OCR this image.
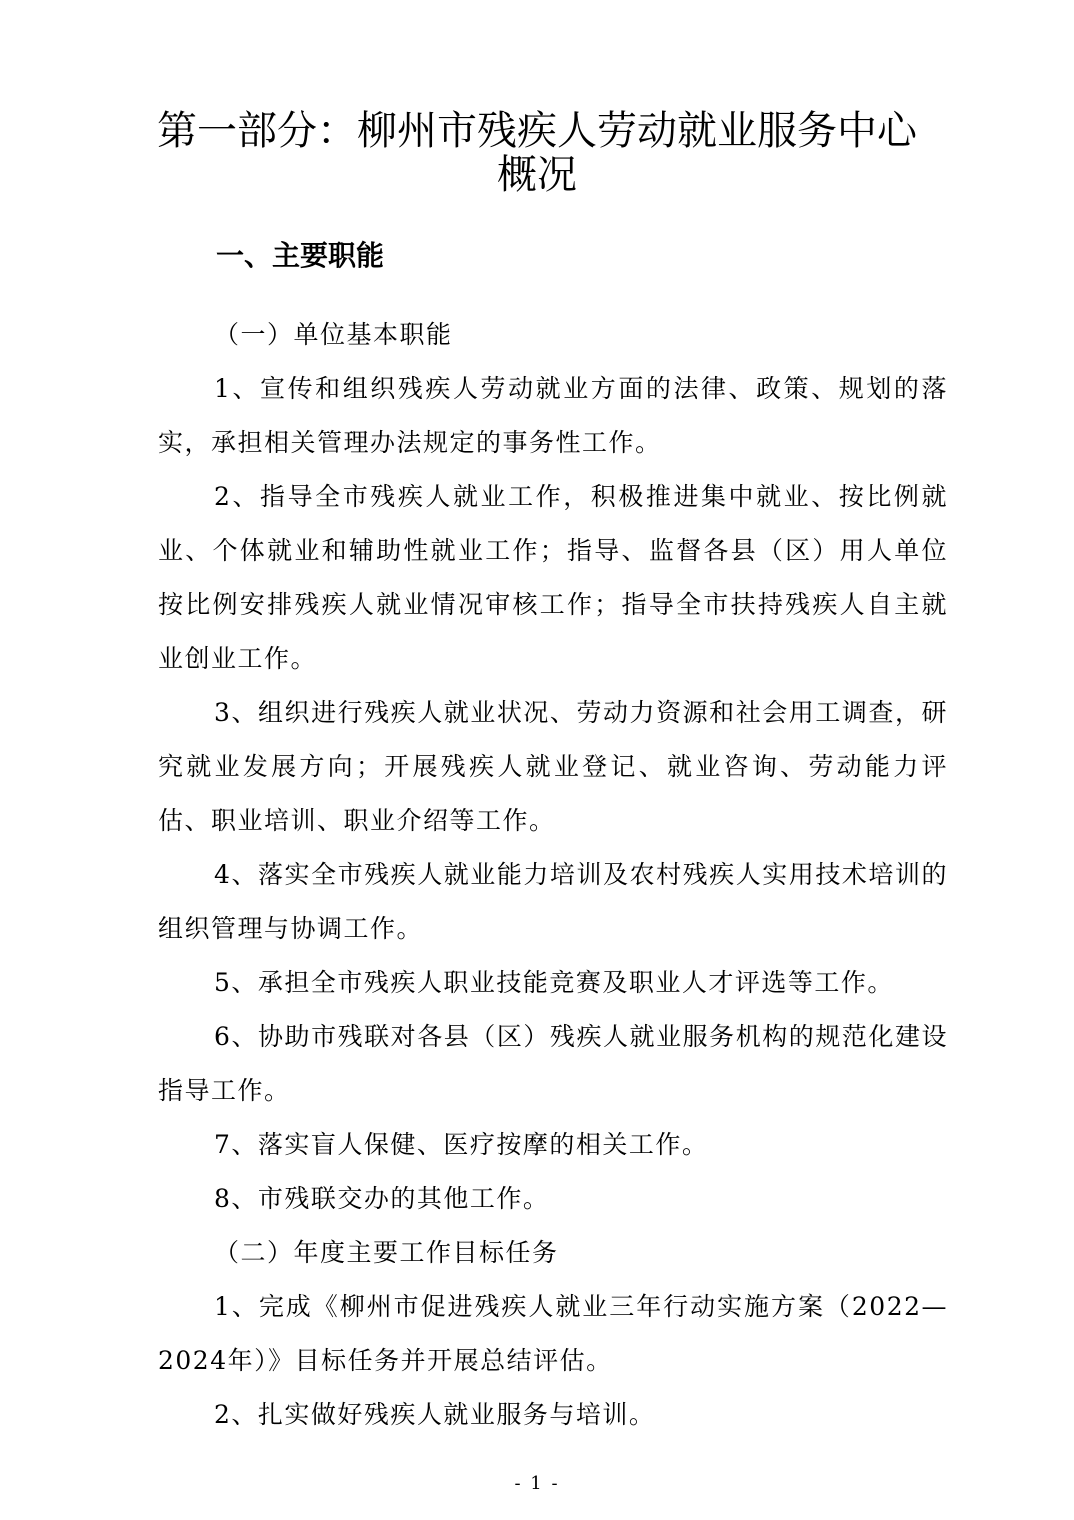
第一部分：柳州市残疾人劳动就业服务中心
概况
一、主要职能

（一）单位基本职能

1、宣传和组织残疾人劳动就业方面的法律、政策、规划的落实，承担相关管理办法规定的事务性工作。

2、指导全市残疾人就业工作，积极推进集中就业、按比例就业、个体就业和辅助性就业工作；指导、监督各县（区）用人单位按比例安排残疾人就业情况审核工作；指导全市扶持残疾人自主就业创业工作。

3、组织进行残疾人就业状况、劳动力资源和社会用工调查，研究就业发展方向；开展残疾人就业登记、就业咨询、劳动能力评估、职业培训、职业介绍等工作。

4、落实全市残疾人就业能力培训及农村残疾人实用技术培训的组织管理与协调工作。

5、承担全市残疾人职业技能竞赛及职业人才评选等工作。

6、协助市残联对各县（区）残疾人就业服务机构的规范化建设指导工作。

7、落实盲人保健、医疗按摩的相关工作。

8、市残联交办的其他工作。

（二）年度主要工作目标任务

1、完成《柳州市促进残疾人就业三年行动实施方案（2022—2024年）》目标任务并开展总结评估。

2、扎实做好残疾人就业服务与培训。

- 1 -
